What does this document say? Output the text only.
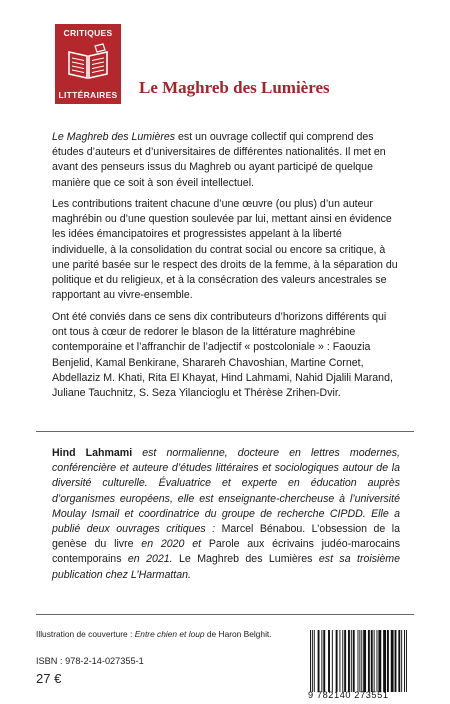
CRITIQUES
LITTÉRAIRES Le Maghreb des Lumières

Le Maghreb des Lumières est un ouvrage collectif qui comprend des études d’auteurs et d’universitaires de différentes nationalités. Il met en avant des penseurs issus du Maghreb ou ayant participé de quelque manière que ce soit à son éveil intellectuel.

Les contributions traitent chacune d’une œuvre (ou plus) d’un auteur maghrébin ou d’une question soulevée par lui, mettant ainsi en évidence les idées émancipatoires et progressistes appelant à la liberté individuelle, à la consolidation du contrat social ou encore sa critique, à une parité basée sur le respect des droits de la femme, à la séparation du politique et du religieux, et à la consécration des valeurs ancestrales se rapportant au vivre-ensemble.

Ont été conviés dans ce sens dix contributeurs d’horizons différents qui ont tous à cœur de redorer le blason de la littérature maghrébine contemporaine et l’affranchir de l’adjectif « postcoloniale » : Faouzia Benjelid, Kamal Benkirane, Sharareh Chavoshian, Martine Cornet, Abdellaziz M. Khati, Rita El Khayat, Hind Lahmami, Nahid Djalili Marand, Juliane Tauchnitz, S. Seza Yilancioglu et Thérèse Zrihen-Dvir.

Hind Lahmami est normalienne, docteure en lettres modernes, conférencière et auteure d’études littéraires et sociologiques autour de la diversité culturelle. Évaluatrice et experte en éducation auprès d’organismes européens, elle est enseignante-chercheuse à l’université Moulay Ismail et coordinatrice du groupe de recherche CIPDD. Elle a publié deux ouvrages critiques : Marcel Bénabou. L’obsession de la genèse du livre en 2020 et Parole aux écrivains judéo-marocains contemporains en 2021. Le Maghreb des Lumières est sa troisième publication chez L’Harmattan.

Illustration de couverture : Entre chien et loup de Haron Belghit.

ISBN : 978-2-14-027355-1

27 €

9 782140 273551
